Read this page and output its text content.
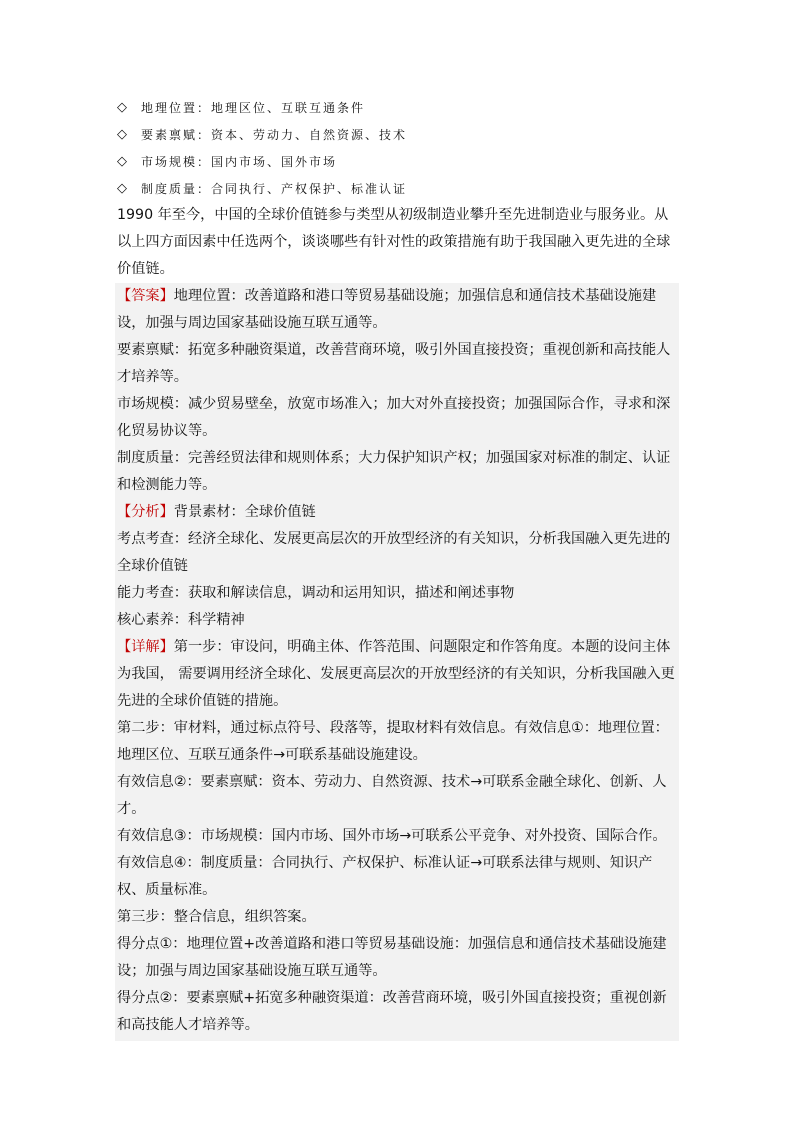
◇	地理位置：地理区位、互联互通条件
◇	要素禀赋：资本、劳动力、自然资源、技术
◇	市场规模：国内市场、国外市场
◇	制度质量：合同执行、产权保护、标准认证

1990 年至今，中国的全球价值链参与类型从初级制造业攀升至先进制造业与服务业。从以上四方面因素中任选两个，谈谈哪些有针对性的政策措施有助于我国融入更先进的全球价值链。

【答案】地理位置：改善道路和港口等贸易基础设施；加强信息和通信技术基础设施建设，加强与周边国家基础设施互联互通等。

要素禀赋：拓宽多种融资渠道，改善营商环境，吸引外国直接投资；重视创新和高技能人才培养等。

市场规模：减少贸易壁垒，放宽市场准入；加大对外直接投资；加强国际合作，寻求和深化贸易协议等。

制度质量：完善经贸法律和规则体系；大力保护知识产权；加强国家对标准的制定、认证和检测能力等。

【分析】背景素材：全球价值链

考点考查：经济全球化、发展更高层次的开放型经济的有关知识，分析我国融入更先进的全球价值链

能力考查：获取和解读信息，调动和运用知识，描述和阐述事物

核心素养：科学精神

【详解】第一步：审设问，明确主体、作答范围、问题限定和作答角度。本题的设问主体为我国， 需要调用经济全球化、发展更高层次的开放型经济的有关知识，分析我国融入更先进的全球价值链的措施。

第二步：审材料，通过标点符号、段落等，提取材料有效信息。有效信息①：地理位置：地理区位、互联互通条件→可联系基础设施建设。

有效信息②：要素禀赋：资本、劳动力、自然资源、技术→可联系金融全球化、创新、人才。

有效信息③：市场规模：国内市场、国外市场→可联系公平竞争、对外投资、国际合作。

有效信息④：制度质量：合同执行、产权保护、标准认证→可联系法律与规则、知识产权、质量标准。

第三步：整合信息，组织答案。

得分点①：地理位置+改善道路和港口等贸易基础设施：加强信息和通信技术基础设施建设；加强与周边国家基础设施互联互通等。

得分点②：要素禀赋+拓宽多种融资渠道：改善营商环境，吸引外国直接投资；重视创新和高技能人才培养等。
